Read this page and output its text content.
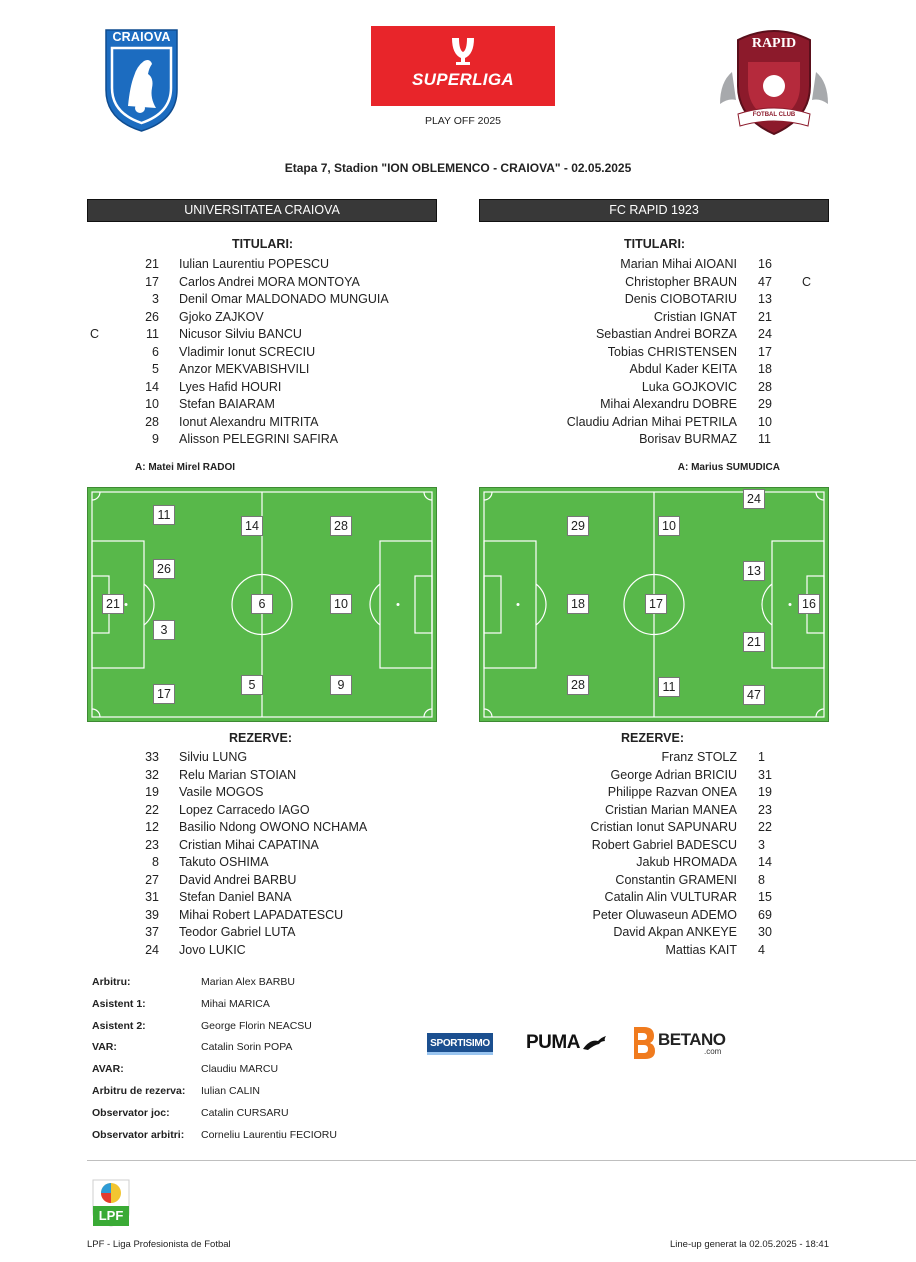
CRAIOVA
SUPERLIGA
PLAY OFF 2025
RAPID
FOTBAL CLUB
Etapa 7, Stadion "ION OBLEMENCO - CRAIOVA" - 02.05.2025
UNIVERSITATEA CRAIOVA	FC RAPID 1923
TITULARI:	TITULARI:
21 Iulian Laurentiu POPESCU
17 Carlos Andrei MORA MONTOYA
3 Denil Omar MALDONADO MUNGUIA
26 Gjoko ZAJKOV
C	11 Nicusor Silviu BANCU
6 Vladimir Ionut SCRECIU
5 Anzor MEKVABISHVILI
14 Lyes Hafid HOURI
10 Stefan BAIARAM
28 Ionut Alexandru MITRITA
9 Alisson PELEGRINI SAFIRA
Marian Mihai AIOANI 16
Christopher BRAUN 47	C
Denis CIOBOTARIU 13
Cristian IGNAT 21
Sebastian Andrei BORZA 24
Tobias CHRISTENSEN 17
Abdul Kader KEITA 18
Luka GOJKOVIC 28
Mihai Alexandru DOBRE 29
Claudiu Adrian Mihai PETRILA 10
Borisav BURMAZ 11
A: Matei Mirel RADOI	A: Marius SUMUDICA
21
17
3
26
11
6
5
14
10
28
9
16
47
13
21
24
17
18
28
29	10
11
REZERVE:	REZERVE:
33 Silviu LUNG
32 Relu Marian STOIAN
19 Vasile MOGOS
22 Lopez Carracedo IAGO
12 Basilio Ndong OWONO NCHAMA
23 Cristian Mihai CAPATINA
8 Takuto OSHIMA
27 David Andrei BARBU
31 Stefan Daniel BANA
39 Mihai Robert LAPADATESCU
37 Teodor Gabriel LUTA
24 Jovo LUKIC
Franz STOLZ 1
George Adrian BRICIU 31
Philippe Razvan ONEA 19
Cristian Marian MANEA 23
Cristian Ionut SAPUNARU 22
Robert Gabriel BADESCU 3
Jakub HROMADA 14
Constantin GRAMENI 8
Catalin Alin VULTURAR 15
Peter Oluwaseun ADEMO 69
David Akpan ANKEYE 30
Mattias KAIT 4
Arbitru:	Marian Alex BARBU
Asistent 1:	Mihai MARICA
Asistent 2:	George Florin NEACSU
VAR:	Catalin Sorin POPA
AVAR:	Claudiu MARCU
Arbitru de rezerva: Iulian CALIN
Observator joc:	Catalin CURSARU
Observator arbitri: Corneliu Laurentiu FECIORU
SPORTISIMO PUMA	BETANO
.com
LPF
LPF - Liga Profesionista de Fotbal	Line-up generat la 02.05.2025 - 18:41
